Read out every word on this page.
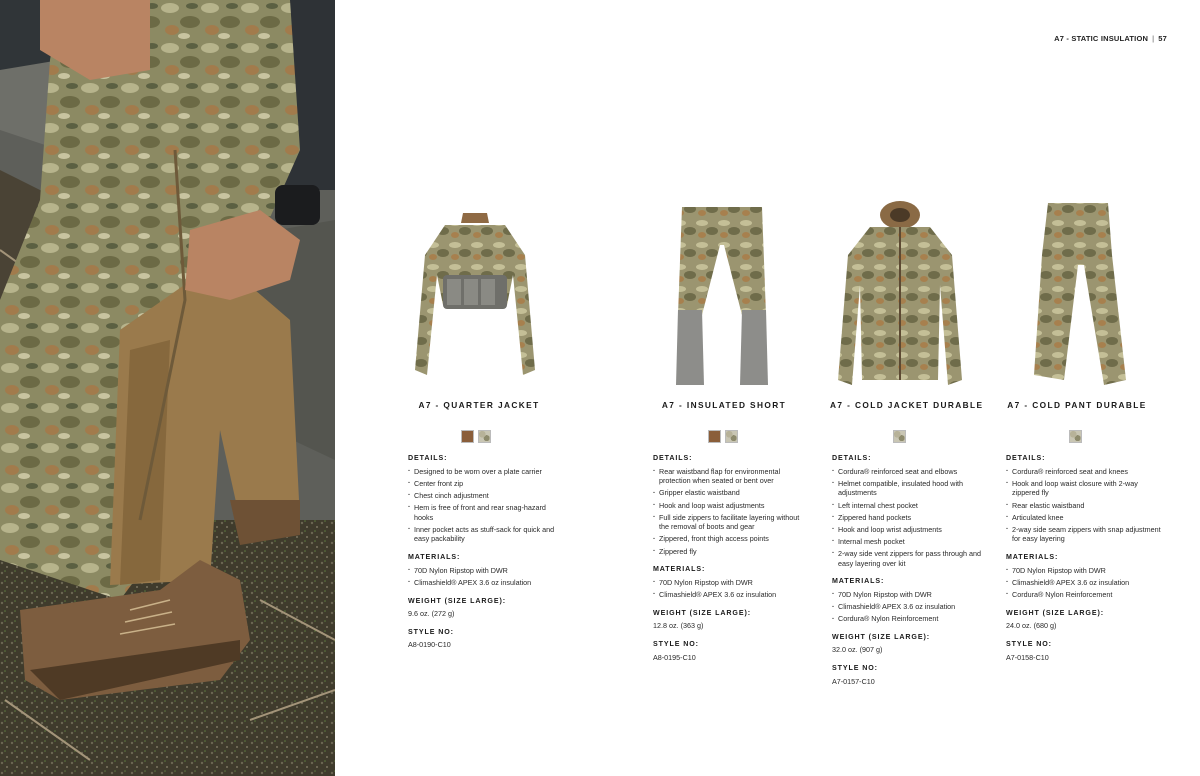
A7 - STATIC INSULATION | 57
A7 - QUARTER JACKET
DETAILS:
· Designed to be worn over a plate carrier
· Center front zip
· Chest cinch adjustment
· Hem is free of front and rear snag-hazard hooks
· Inner pocket acts as stuff-sack for quick and easy packability
MATERIALS:
· 70D Nylon Ripstop with DWR
· Climashield® APEX 3.6 oz insulation
WEIGHT (SIZE LARGE):
9.6 oz. (272 g)
STYLE NO:
A8-0190-C10
A7 - INSULATED SHORT
DETAILS:
· Rear waistband flap for environmental protection when seated or bent over
· Gripper elastic waistband
· Hook and loop waist adjustments
· Full side zippers to facilitate layering without the removal of boots and gear
· Zippered, front thigh access points
· Zippered fly
MATERIALS:
· 70D Nylon Ripstop with DWR
· Climashield® APEX 3.6 oz insulation
WEIGHT (SIZE LARGE):
12.8 oz. (363 g)
STYLE NO:
A8-0195-C10
A7 - COLD JACKET DURABLE
DETAILS:
· Cordura® reinforced seat and elbows
· Helmet compatible, insulated hood with adjustments
· Left internal chest pocket
· Zippered hand pockets
· Hook and loop wrist adjustments
· Internal mesh pocket
· 2-way side vent zippers for pass through and easy layering over kit
MATERIALS:
· 70D Nylon Ripstop with DWR
· Climashield® APEX 3.6 oz insulation
· Cordura® Nylon Reinforcement
WEIGHT (SIZE LARGE):
32.0 oz. (907 g)
STYLE NO:
A7-0157-C10
A7 - COLD PANT DURABLE
DETAILS:
· Cordura® reinforced seat and knees
· Hook and loop waist closure with 2-way zippered fly
· Rear elastic waistband
· Articulated knee
· 2-way side seam zippers with snap adjustment for easy layering
MATERIALS:
· 70D Nylon Ripstop with DWR
· Climashield® APEX 3.6 oz insulation
· Cordura® Nylon Reinforcement
WEIGHT (SIZE LARGE):
24.0 oz. (680 g)
STYLE NO:
A7-0158-C10
